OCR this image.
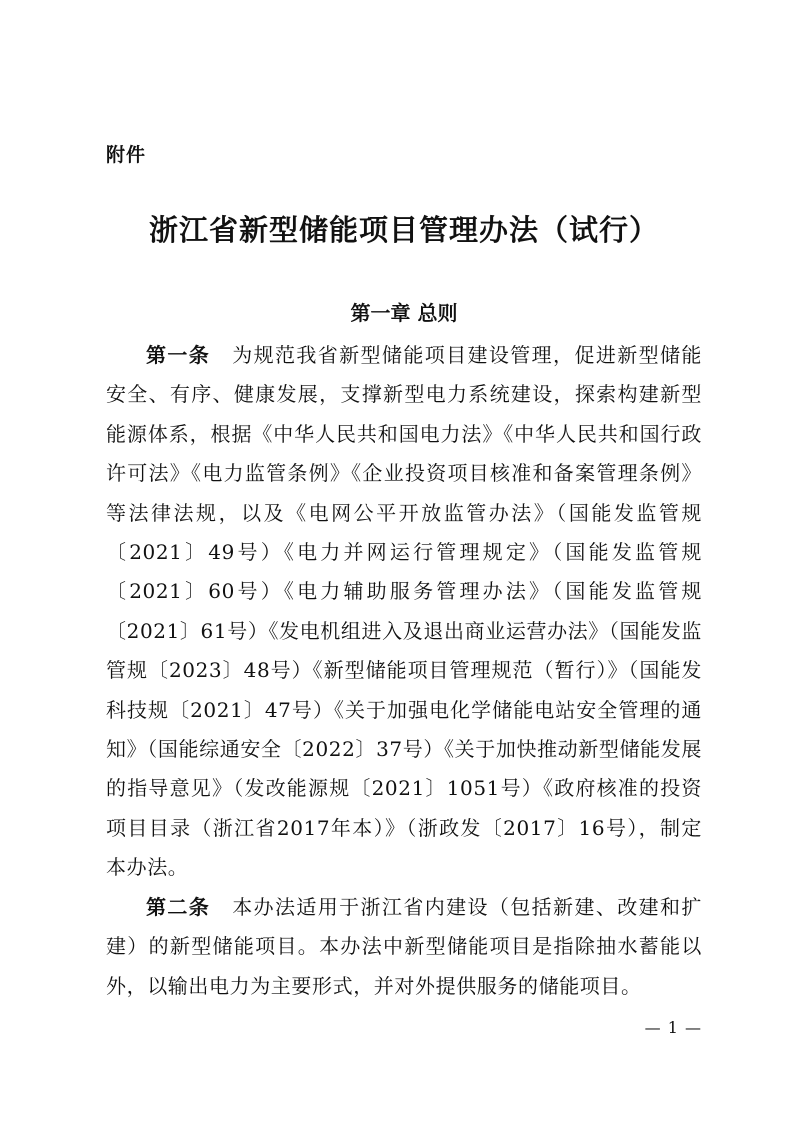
附件
浙江省新型储能项目管理办法（试行）
第一章 总则

第一条 为规范我省新型储能项目建设管理，促进新型储能安全、有序、健康发展，支撑新型电力系统建设，探索构建新型能源体系，根据《中华人民共和国电力法》《中华人民共和国行政许可法》《电力监管条例》《企业投资项目核准和备案管理条例》等法律法规，以及《电网公平开放监管办法》（国能发监管规〔2021〕49号）《电力并网运行管理规定》（国能发监管规〔2021〕60号）《电力辅助服务管理办法》（国能发监管规〔2021〕61号）《发电机组进入及退出商业运营办法》（国能发监管规〔2023〕48号）《新型储能项目管理规范（暂行）》（国能发科技规〔2021〕47号）《关于加强电化学储能电站安全管理的通知》（国能综通安全〔2022〕37号）《关于加快推动新型储能发展的指导意见》（发改能源规〔2021〕1051号）《政府核准的投资项目目录（浙江省2017年本）》（浙政发〔2017〕16号），制定本办法。

第二条 本办法适用于浙江省内建设（包括新建、改建和扩建）的新型储能项目。本办法中新型储能项目是指除抽水蓄能以外，以输出电力为主要形式，并对外提供服务的储能项目。

— 1 —
